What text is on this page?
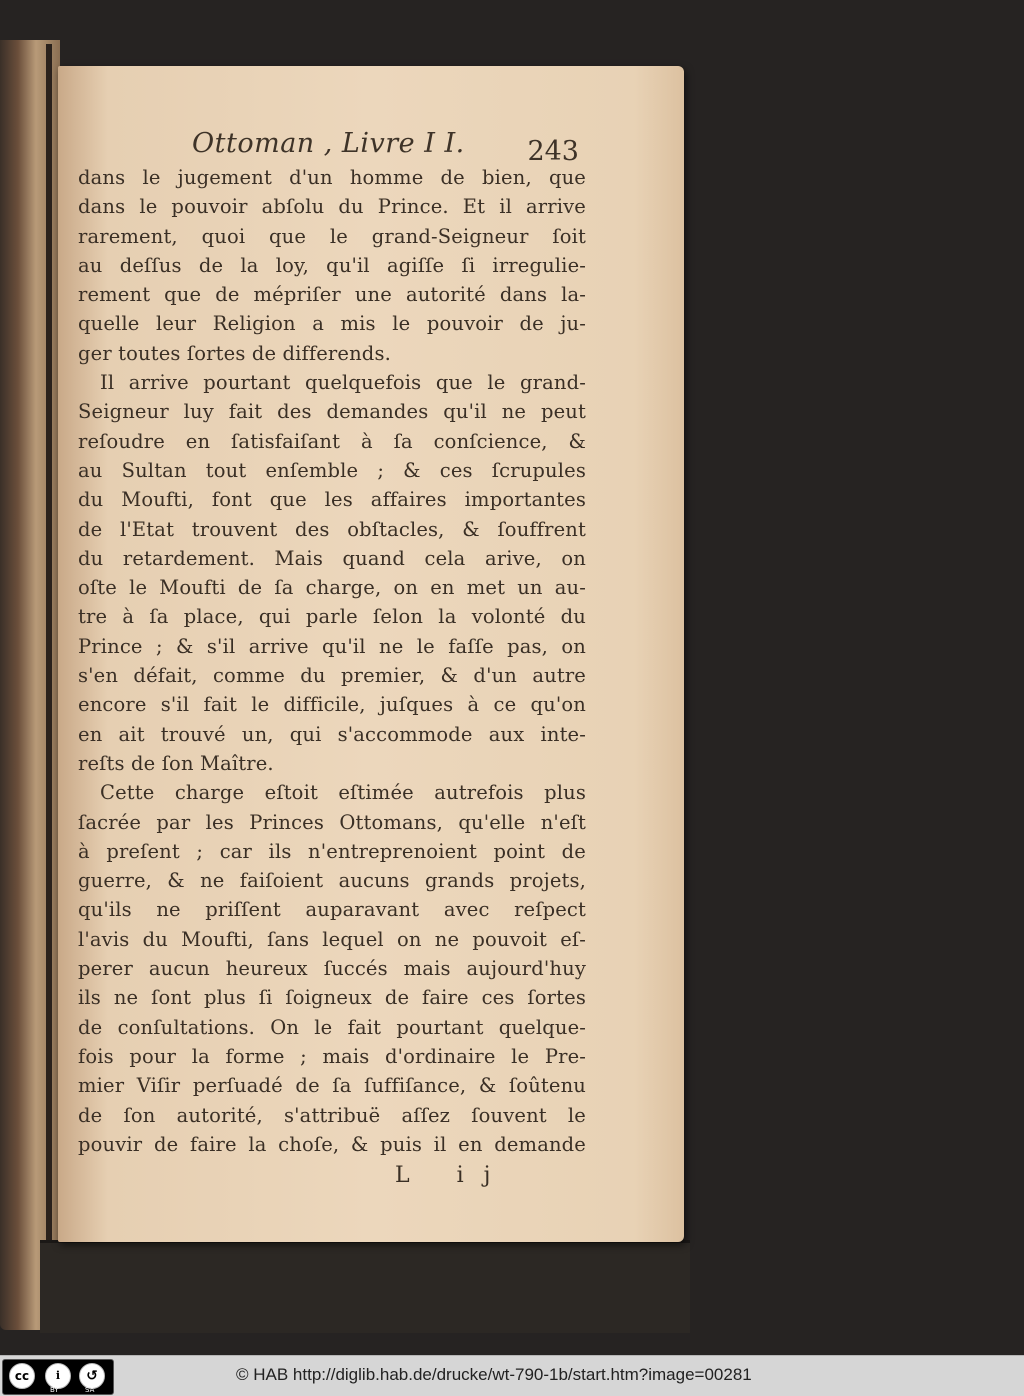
Ottoman , Livre I I. 243
dans le jugement d'un homme de bien, que
dans le pouvoir abſolu du Prince. Et il arrive
rarement, quoi que le grand-Seigneur ſoit
au deſſus de la loy, qu'il agiſſe ſi irregulie-
rement que de mépriſer une autorité dans la-
quelle leur Religion a mis le pouvoir de ju-
ger toutes ſortes de differends.
Il arrive pourtant quelquefois que le grand-
Seigneur luy fait des demandes qu'il ne peut
reſoudre en ſatisfaiſant à ſa conſcience, &
au Sultan tout enſemble ; & ces ſcrupules
du Moufti, font que les affaires importantes
de l'Etat trouvent des obſtacles, & ſouffrent
du retardement. Mais quand cela arive, on
oſte le Moufti de ſa charge, on en met un au-
tre à ſa place, qui parle ſelon la volonté du
Prince ; & s'il arrive qu'il ne le faſſe pas, on
s'en défait, comme du premier, & d'un autre
encore s'il fait le difficile, juſques à ce qu'on
en ait trouvé un, qui s'accommode aux inte-
reſts de ſon Maître.
Cette charge eſtoit eſtimée autrefois plus
ſacrée par les Princes Ottomans, qu'elle n'eſt
à preſent ; car ils n'entreprenoient point de
guerre, & ne faiſoient aucuns grands projets,
qu'ils ne priſſent auparavant avec reſpect
l'avis du Moufti, ſans lequel on ne pouvoit eſ-
perer aucun heureux ſuccés mais aujourd'huy
ils ne ſont plus ſi ſoigneux de faire ces ſortes
de conſultations. On le fait pourtant quelque-
fois pour la forme ; mais d'ordinaire le Pre-
mier Viſir perſuadé de ſa ſuffiſance, & ſoûtenu
de ſon autorité, s'attribuë aſſez ſouvent le
pouvir de faire la choſe, & puis il en demande
L ij
cc	i	↺
BY	SA
© HAB http://diglib.hab.de/drucke/wt-790-1b/start.htm?image=00281
